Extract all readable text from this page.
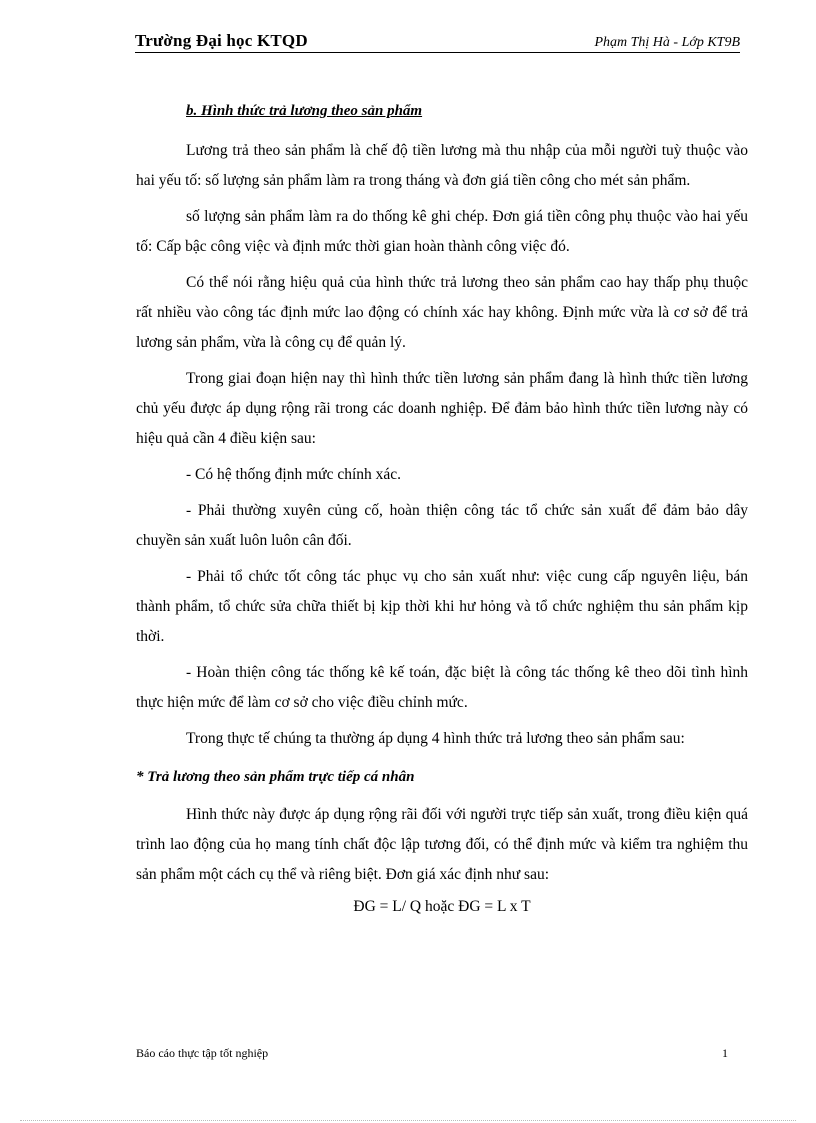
Trường Đại học KTQD	Phạm Thị Hà - Lớp KT9B
b. Hình thức trả lương theo sản phẩm

Lương trả theo sản phẩm là chế độ tiền lương mà thu nhập của mỗi người tuỳ thuộc vào hai yếu tố: số lượng sản phẩm làm ra trong tháng và đơn giá tiền công cho mét sản phẩm.

số lượng sản phẩm làm ra do thống kê ghi chép. Đơn giá tiền công phụ thuộc vào hai yếu tố: Cấp bậc công việc và định mức thời gian hoàn thành công việc đó.

Có thể nói rằng hiệu quả của hình thức trả lương theo sản phẩm cao hay thấp phụ thuộc rất nhiều vào công tác định mức lao động có chính xác hay không. Định mức vừa là cơ sở để trả lương sản phẩm, vừa là công cụ để quản lý.

Trong giai đoạn hiện nay thì hình thức tiền lương sản phẩm đang là hình thức tiền lương chủ yếu được áp dụng rộng rãi trong các doanh nghiệp. Để đảm bảo hình thức tiền lương này có hiệu quả cần 4 điều kiện sau:

- Có hệ thống định mức chính xác.

- Phải thường xuyên củng cố, hoàn thiện công tác tổ chức sản xuất để đảm bảo dây chuyền sản xuất luôn luôn cân đối.

- Phải tổ chức tốt công tác phục vụ cho sản xuất như: việc cung cấp nguyên liệu, bán thành phẩm, tổ chức sửa chữa thiết bị kịp thời khi hư hỏng và tổ chức nghiệm thu sản phẩm kịp thời.

- Hoàn thiện công tác thống kê kế toán, đặc biệt là công tác thống kê theo dõi tình hình thực hiện mức để làm cơ sở cho việc điều chỉnh mức.

Trong thực tế chúng ta thường áp dụng 4 hình thức trả lương theo sản phẩm sau:

* Trả lương theo sản phẩm trực tiếp cá nhân

Hình thức này được áp dụng rộng rãi đối với người trực tiếp sản xuất, trong điều kiện quá trình lao động của họ mang tính chất độc lập tương đối, có thể định mức và kiểm tra nghiệm thu sản phẩm một cách cụ thể và riêng biệt. Đơn giá xác định như sau:

ĐG = L/ Q hoặc ĐG = L x T

Báo cáo thực tập tốt nghiệp	1
